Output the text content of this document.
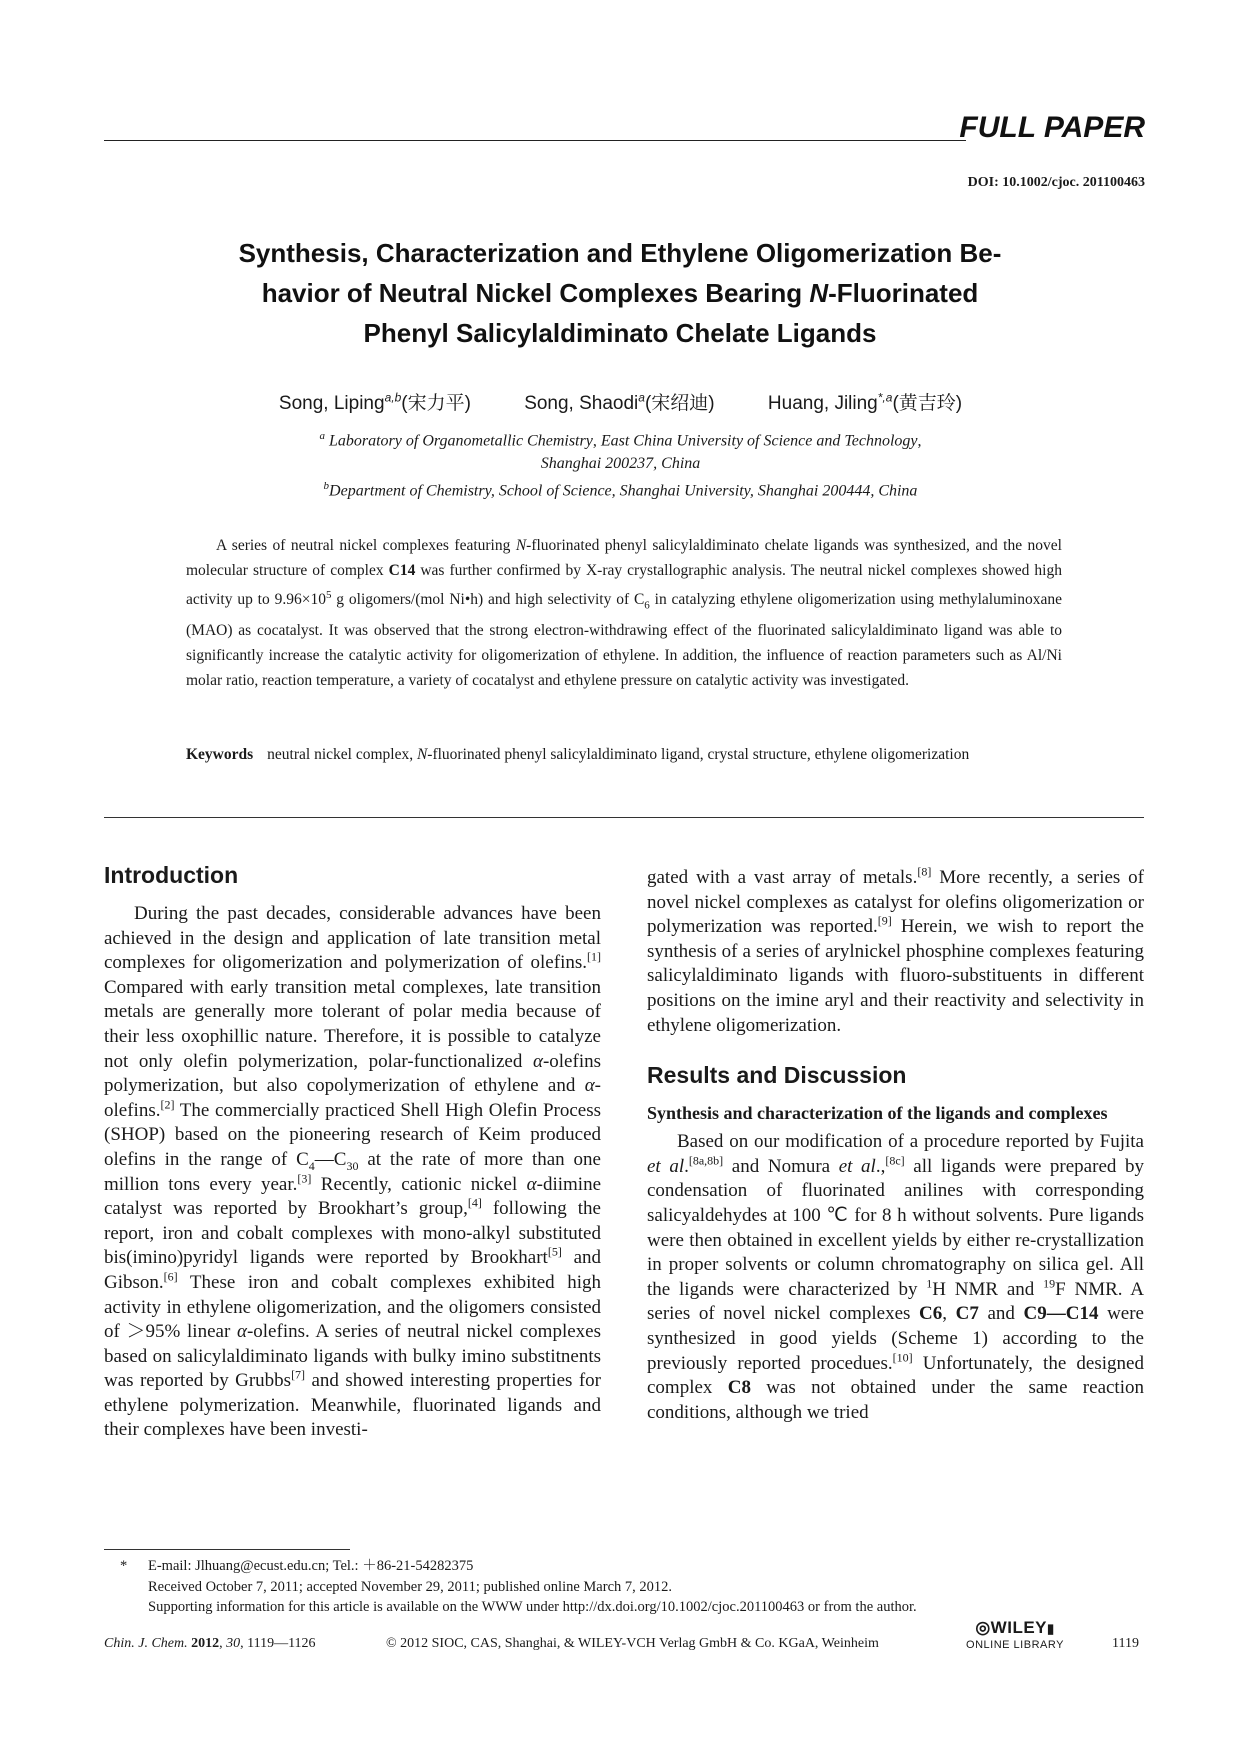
FULL PAPER
DOI: 10.1002/cjoc. 201100463
Synthesis, Characterization and Ethylene Oligomerization Be-
havior of Neutral Nickel Complexes Bearing N-Fluorinated
Phenyl Salicylaldiminato Chelate Ligands
Song, Liping$^{a,b}$(宋力平)	Song, Shaodi$^a$(宋绍迪)	Huang, Jiling$^{*,a}$(黄吉玲)
$^a$ Laboratory of Organometallic Chemistry, East China University of Science and Technology,
Shanghai 200237, China
$^b$Department of Chemistry, School of Science, Shanghai University, Shanghai 200444, China

A series of neutral nickel complexes featuring N-fluorinated phenyl salicylaldiminato chelate ligands was synthesized, and the novel molecular structure of complex C14 was further confirmed by X-ray crystallographic analysis. The neutral nickel complexes showed high activity up to $9.96\times 10^5$ g oligomers/(mol Ni•h) and high selectivity of $C_6$ in catalyzing ethylene oligomerization using methylaluminoxane (MAO) as cocatalyst. It was observed that the strong electron-withdrawing effect of the fluorinated salicylaldiminato ligand was able to significantly increase the catalytic activity for oligomerization of ethylene. In addition, the influence of reaction parameters such as Al/Ni molar ratio, reaction temperature, a variety of cocatalyst and ethylene pressure on catalytic activity was investigated.

Keywords neutral nickel complex, N-fluorinated phenyl salicylaldiminato ligand, crystal structure, ethylene oligomerization
Introduction

During the past decades, considerable advances have been achieved in the design and application of late transition metal complexes for oligomerization and polymerization of olefins.[1] Compared with early transition metal complexes, late transition metals are generally more tolerant of polar media because of their less oxophillic nature. Therefore, it is possible to catalyze not only olefin polymerization, polar-functionalized α-olefins polymerization, but also copolymerization of ethylene and α-olefins.[2] The commercially practiced Shell High Olefin Process (SHOP) based on the pioneering research of Keim produced olefins in the range of $C_4—C_{30}$ at the rate of more than one million tons every year.[3] Recently, cationic nickel α-diimine catalyst was reported by Brookhart’s group,[4] following the report, iron and cobalt complexes with mono-alkyl substituted bis(imino)pyridyl ligands were reported by Brookhart[5] and Gibson.[6] These iron and cobalt complexes exhibited high activity in ethylene oligomerization, and the oligomers consisted of ＞95% linear α-olefins. A series of neutral nickel complexes based on salicylaldiminato ligands with bulky imino substitnents was reported by Grubbs[7] and showed interesting properties for ethylene polymerization. Meanwhile, fluorinated ligands and their complexes have been investi-

gated with a vast array of metals.[8] More recently, a series of novel nickel complexes as catalyst for olefins oligomerization or polymerization was reported.[9] Herein, we wish to report the synthesis of a series of arylnickel phosphine complexes featuring salicylaldiminato ligands with fluoro-substituents in different positions on the imine aryl and their reactivity and selectivity in ethylene oligomerization.

Results and Discussion
Synthesis and characterization of the ligands and complexes

Based on our modification of a procedure reported by Fujita et al.[8a,8b] and Nomura et al.,[8c] all ligands were prepared by condensation of fluorinated anilines with corresponding salicyaldehydes at 100 ℃ for 8 h without solvents. Pure ligands were then obtained in excellent yields by either re-crystallization in proper solvents or column chromatography on silica gel. All the ligands were characterized by $^1$H NMR and $^{19}$F NMR. A series of novel nickel complexes C6, C7 and C9—C14 were synthesized in good yields (Scheme 1) according to the previously reported procedues.[10] Unfortunately, the designed complex C8 was not obtained under the same reaction conditions, although we tried

* E-mail: Jlhuang@ecust.edu.cn; Tel.: ＋86-21-54282375
Received October 7, 2011; accepted November 29, 2011; published online March 7, 2012.
Supporting information for this article is available on the WWW under http://dx.doi.org/10.1002/cjoc.201100463 or from the author.
Chin. J. Chem. 2012, 30, 1119—1126	© 2012 SIOC, CAS, Shanghai, & WILEY-VCH Verlag GmbH & Co. KGaA, Weinheim
◎WILEY▮
ONLINE LIBRARY	1119
